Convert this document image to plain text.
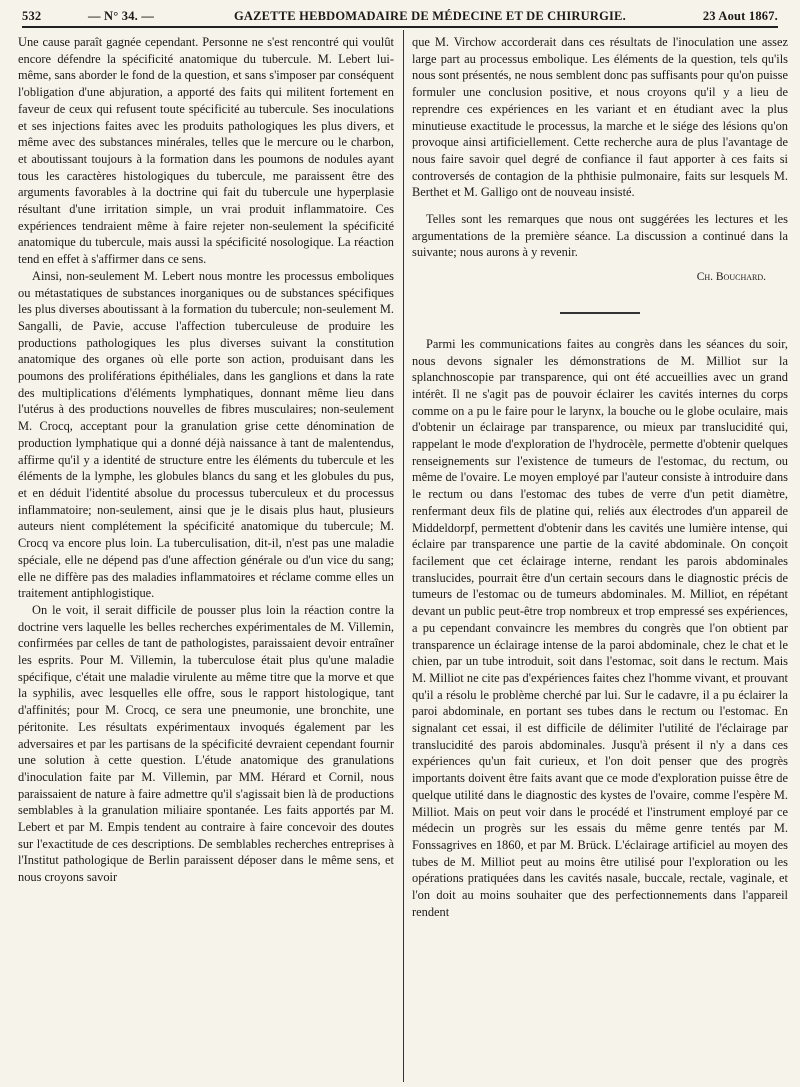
532	— N° 34. —	GAZETTE HEBDOMADAIRE DE MÉDECINE ET DE CHIRURGIE.	23 Aout 1867.

Une cause paraît gagnée cependant. Personne ne s'est rencontré qui voulût encore défendre la spécificité anatomique du tubercule. M. Lebert lui-même, sans aborder le fond de la question, et sans s'imposer par conséquent l'obligation d'une abjuration, a apporté des faits qui militent fortement en faveur de ceux qui refusent toute spécificité au tubercule. Ses inoculations et ses injections faites avec les produits pathologiques les plus divers, et même avec des substances minérales, telles que le mercure ou le charbon, et aboutissant toujours à la formation dans les poumons de nodules ayant tous les caractères histologiques du tubercule, me paraissent être des arguments favorables à la doctrine qui fait du tubercule une hyperplasie résultant d'une irritation simple, un vrai produit inflammatoire. Ces expériences tendraient même à faire rejeter non-seulement la spécificité anatomique du tubercule, mais aussi la spécificité nosologique. La réaction tend en effet à s'affirmer dans ce sens.

Ainsi, non-seulement M. Lebert nous montre les processus emboliques ou métastatiques de substances inorganiques ou de substances spécifiques les plus diverses aboutissant à la formation du tubercule; non-seulement M. Sangalli, de Pavie, accuse l'affection tuberculeuse de produire les productions pathologiques les plus diverses suivant la constitution anatomique des organes où elle porte son action, produisant dans les poumons des proliférations épithéliales, dans les ganglions et dans la rate des multiplications d'éléments lymphatiques, donnant même lieu dans l'utérus à des productions nouvelles de fibres musculaires; non-seulement M. Crocq, acceptant pour la granulation grise cette dénomination de production lymphatique qui a donné déjà naissance à tant de malentendus, affirme qu'il y a identité de structure entre les éléments du tubercule et les éléments de la lymphe, les globules blancs du sang et les globules du pus, et en déduit l'identité absolue du processus tuberculeux et du processus inflammatoire; non-seulement, ainsi que je le disais plus haut, plusieurs auteurs nient complétement la spécificité anatomique du tubercule; M. Crocq va encore plus loin. La tuberculisation, dit-il, n'est pas une maladie spéciale, elle ne dépend pas d'une affection générale ou d'un vice du sang; elle ne diffère pas des maladies inflammatoires et réclame comme elles un traitement antiphlogistique.

On le voit, il serait difficile de pousser plus loin la réaction contre la doctrine vers laquelle les belles recherches expérimentales de M. Villemin, confirmées par celles de tant de pathologistes, paraissaient devoir entraîner les esprits. Pour M. Villemin, la tuberculose était plus qu'une maladie spécifique, c'était une maladie virulente au même titre que la morve et que la syphilis, avec lesquelles elle offre, sous le rapport histologique, tant d'affinités; pour M. Crocq, ce sera une pneumonie, une bronchite, une péritonite. Les résultats expérimentaux invoqués également par les adversaires et par les partisans de la spécificité devraient cependant fournir une solution à cette question. L'étude anatomique des granulations d'inoculation faite par M. Villemin, par MM. Hérard et Cornil, nous paraissaient de nature à faire admettre qu'il s'agissait bien là de productions semblables à la granulation miliaire spontanée. Les faits apportés par M. Lebert et par M. Empis tendent au contraire à faire concevoir des doutes sur l'exactitude de ces descriptions. De semblables recherches entreprises à l'Institut pathologique de Berlin paraissent déposer dans le même sens, et nous croyons savoir

que M. Virchow accorderait dans ces résultats de l'inoculation une assez large part au processus embolique. Les éléments de la question, tels qu'ils nous sont présentés, ne nous semblent donc pas suffisants pour qu'on puisse formuler une conclusion positive, et nous croyons qu'il y a lieu de reprendre ces expériences en les variant et en étudiant avec la plus minutieuse exactitude le processus, la marche et le siége des lésions qu'on provoque ainsi artificiellement. Cette recherche aura de plus l'avantage de nous faire savoir quel degré de confiance il faut apporter à ces faits si controversés de contagion de la phthisie pulmonaire, faits sur lesquels M. Berthet et M. Galligo ont de nouveau insisté.

Telles sont les remarques que nous ont suggérées les lectures et les argumentations de la première séance. La discussion a continué dans la suivante; nous aurons à y revenir.

Ch. Bouchard.

Parmi les communications faites au congrès dans les séances du soir, nous devons signaler les démonstrations de M. Milliot sur la splanchnoscopie par transparence, qui ont été accueillies avec un grand intérêt. Il ne s'agit pas de pouvoir éclairer les cavités internes du corps comme on a pu le faire pour le larynx, la bouche ou le globe oculaire, mais d'obtenir un éclairage par transparence, ou mieux par translucidité qui, rappelant le mode d'exploration de l'hydrocèle, permette d'obtenir quelques renseignements sur l'existence de tumeurs de l'estomac, du rectum, ou même de l'ovaire. Le moyen employé par l'auteur consiste à introduire dans le rectum ou dans l'estomac des tubes de verre d'un petit diamètre, renfermant deux fils de platine qui, reliés aux électrodes d'un appareil de Middeldorpf, permettent d'obtenir dans les cavités une lumière intense, qui éclaire par transparence une partie de la cavité abdominale. On conçoit facilement que cet éclairage interne, rendant les parois abdominales translucides, pourrait être d'un certain secours dans le diagnostic précis de tumeurs de l'estomac ou de tumeurs abdominales. M. Milliot, en répétant devant un public peut-être trop nombreux et trop empressé ses expériences, a pu cependant convaincre les membres du congrès que l'on obtient par transparence un éclairage intense de la paroi abdominale, chez le chat et le chien, par un tube introduit, soit dans l'estomac, soit dans le rectum. Mais M. Milliot ne cite pas d'expériences faites chez l'homme vivant, et prouvant qu'il a résolu le problème cherché par lui. Sur le cadavre, il a pu éclairer la paroi abdominale, en portant ses tubes dans le rectum ou l'estomac. En signalant cet essai, il est difficile de délimiter l'utilité de l'éclairage par translucidité des parois abdominales. Jusqu'à présent il n'y a dans ces expériences qu'un fait curieux, et l'on doit penser que des progrès importants doivent être faits avant que ce mode d'exploration puisse être de quelque utilité dans le diagnostic des kystes de l'ovaire, comme l'espère M. Milliot. Mais on peut voir dans le procédé et l'instrument employé par ce médecin un progrès sur les essais du même genre tentés par M. Fonssagrives en 1860, et par M. Brück. L'éclairage artificiel au moyen des tubes de M. Milliot peut au moins être utilisé pour l'exploration ou les opérations pratiquées dans les cavités nasale, buccale, rectale, vaginale, et l'on doit au moins souhaiter que des perfectionnements dans l'appareil rendent
